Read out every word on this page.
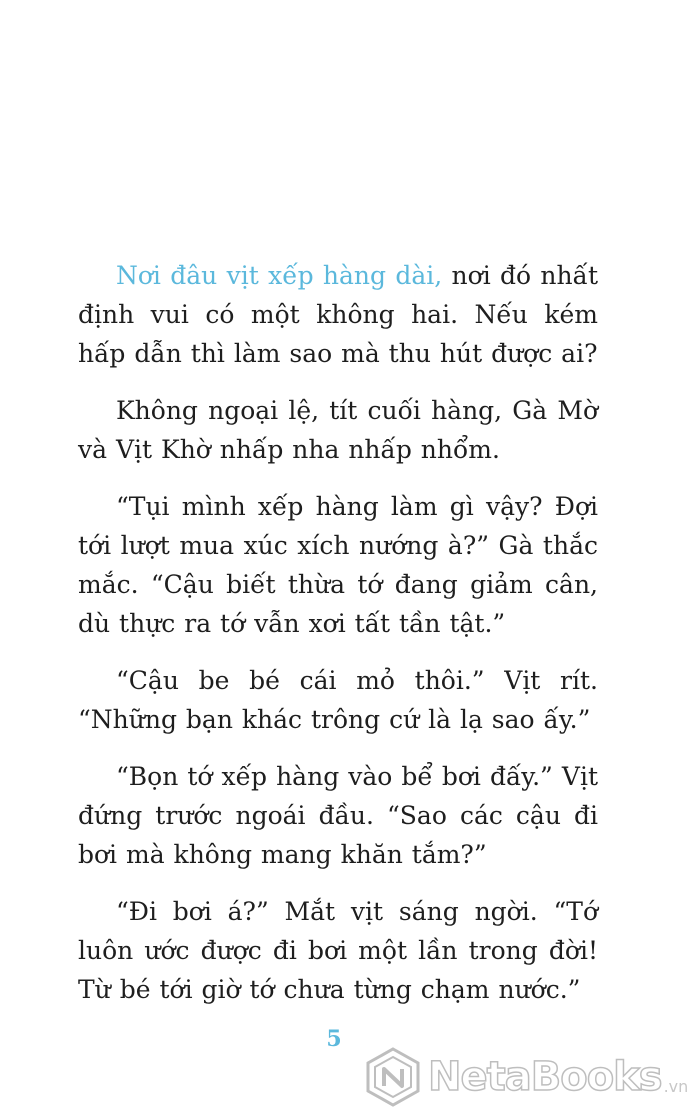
Nơi đâu vịt xếp hàng dài, nơi đó nhất định vui có một không hai. Nếu kém hấp dẫn thì làm sao mà thu hút được ai?

Không ngoại lệ, tít cuối hàng, Gà Mờ và Vịt Khờ nhấp nha nhấp nhổm.

“Tụi mình xếp hàng làm gì vậy? Đợi tới lượt mua xúc xích nướng à?” Gà thắc mắc. “Cậu biết thừa tớ đang giảm cân, dù thực ra tớ vẫn xơi tất tần tật.”

“Cậu be bé cái mỏ thôi.” Vịt rít. “Những bạn khác trông cứ là lạ sao ấy.”

“Bọn tớ xếp hàng vào bể bơi đấy.” Vịt đứng trước ngoái đầu. “Sao các cậu đi bơi mà không mang khăn tắm?”

“Đi bơi á?” Mắt vịt sáng ngời. “Tớ luôn ước được đi bơi một lần trong đời! Từ bé tới giờ tớ chưa từng chạm nước.”

5
NetaBooks .vn
